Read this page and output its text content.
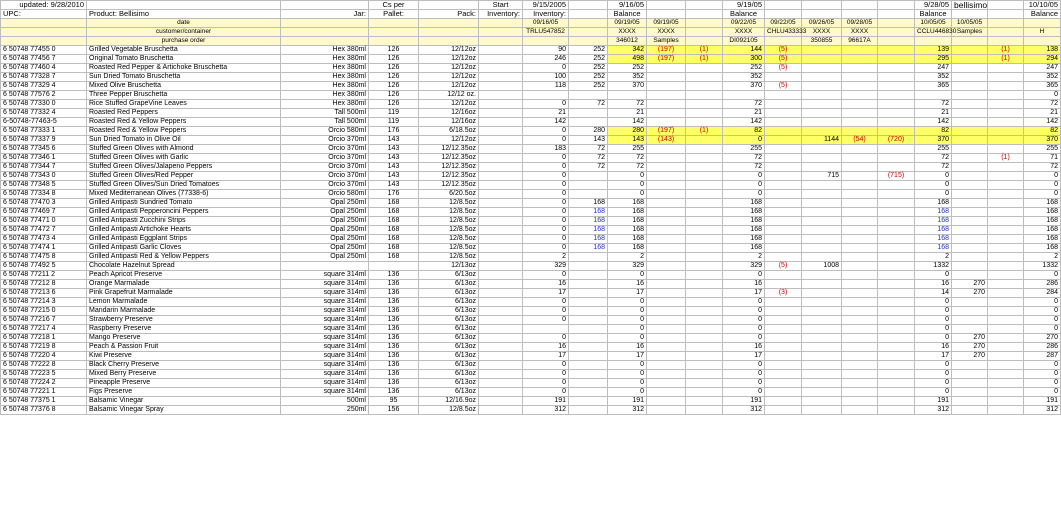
updated: 9/28/2010			Cs per		Start	9/15/2005		9/16/05			9/19/05					9/28/05	bellisimo		10/10/05
UPC:	Product: Bellisimo	Jar:	Pallet:	Pack:	Inventory:	Inventory:		Balance			Balance					Balance			Balance
	date					09/16/05		09/19/05	09/19/05		09/22/05	09/22/05	09/26/05	09/28/05		10/05/05	10/05/05		
	customer/container					TRLU547852		XXXX	XXXX		XXXX	CHLU433333	XXXX	XXXX		CCLU446830	Samples		H
	purchase order							346012	Samples		DI092105		350855	96617A					
6 50748 77455 0	Grilled Vegetable Bruschetta	Hex 380ml	126	12/12oz		90	252	342	(197)	(1)	144	(5)				139		(1)	138
6 50748 77456 7	Original Tomato Bruschetta	Hex 380ml	126	12/12oz		246	252	498	(197)	(1)	300	(5)				295		(1)	294
6 50748 77460 4	Roasted Red Pepper & Artichoke Bruschetta	Hex 380ml	126	12/12oz		0	252	252			252	(5)				247			247
6 50748 77328 7	Sun Dried Tomato Bruschetta	Hex 380ml	126	12/12oz		100	252	352			352					352			352
6 50748 77329 4	Mixed Olive Bruschetta	Hex 380ml	126	12/12oz		118	252	370			370	(5)				365			365
6 50748 77576 2	Three Pepper Bruschetta	Hex 380ml	126	12/12 oz.															0
6 50748 77330 0	Rice Stuffed GrapeVine Leaves	Hex 380ml	126	12/12oz		0	72	72			72					72			72
6 50748 77332 4	Roasted Red Peppers	Tall 500ml	119	12/16oz		21		21			21					21			21
6-50748-77463-5	Roasted Red & Yellow Peppers	Tall 500ml	119	12/16oz		142		142			142					142			142
6 50748 77333 1	Roasted Red & Yellow Peppers	Orcio 580ml	176	6/18.5oz		0	280	280	(197)	(1)	82					82			82
6 50748 77337 9	Sun Dried Tomato in Olive Oil	Orcio 370ml	143	12/12oz		0	143	143	(143)		0		1144	(54)	(720)	370			370
6 50748 77345 6	Stuffed Green Olives with Almond	Orcio 370ml	143	12/12.35oz		183	72	255			255					255			255
6 50748 77346 1	Stuffed Green Olives with Garlic	Orcio 370ml	143	12/12.35oz		0	72	72			72					72		(1)	71
6 50748 77344 7	Stuffed Green Olives/Jalapeno Peppers	Orcio 370ml	143	12/12.35oz		0	72	72			72					72			72
6 50748 77343 0	Stuffed Green Olives/Red Pepper	Orcio 370ml	143	12/12.35oz		0		0			0		715		(715)	0			0
6 50748 77348 5	Stuffed Green Olives/Sun Dried Tomatoes	Orcio 370ml	143	12/12.35oz		0		0			0					0			0
6 50748 77334 8	Mixed Mediterranean Olives (77338-6)	Orcio 580ml	176	6/20.5oz		0		0			0					0			0
6 50748 77470 3	Grilled Antipasti Sundried Tomato	Opal 250ml	168	12/8.5oz		0	168	168			168					168			168
6 50748 77469 7	Grilled Antipasti Pepperoncini Peppers	Opal 250ml	168	12/8.5oz		0	168	168			168					168			168
6 50748 77471 0	Grilled Antipasti Zucchini Strips	Opal 250ml	168	12/8.5oz		0	168	168			168					168			168
6 50748 77472 7	Grilled Antipasti Artichoke Hearts	Opal 250ml	168	12/8.5oz		0	168	168			168					168			168
6 50748 77473 4	Grilled Antipasti Eggplant Strips	Opal 250ml	168	12/8.5oz		0	168	168			168					168			168
6 50748 77474 1	Grilled Antipasti Garlic Cloves	Opal 250ml	168	12/8.5oz		0	168	168			168					168			168
6 50748 77475 8	Grilled Antipasti Red & Yellow Peppers	Opal 250ml	168	12/8.5oz		2		2			2					2			2
6 50748 77492 5	Chocolate Hazelnut Spread			12/13oz		329		329			329	(5)	1008			1332			1332
6 50748 77211 2	Peach Apricot Preserve	square 314ml	136	6/13oz		0		0			0					0			0
6 50748 77212 8	Orange Marmalade	square 314ml	136	6/13oz		16		16			16					16	270		286
6 50748 77213 6	Pink Grapefruit Marmalade	square 314ml	136	6/13oz		17		17			17	(3)				14	270		284
6 50748 77214 3	Lemon Marmalade	square 314ml	136	6/13oz		0		0			0					0			0
6 50748 77215 0	Mandarin Marmalade	square 314ml	136	6/13oz		0		0			0					0			0
6 50748 77216 7	Strawberry Preserve	square 314ml	136	6/13oz		0		0			0					0			0
6 50748 77217 4	Raspberry Preserve	square 314ml	136	6/13oz				0			0					0			0
6 50748 77218 1	Mango Preserve	square 314ml	136	6/13oz		0		0			0					0	270		270
6 50748 77219 8	Peach & Passion Fruit	square 314ml	136	6/13oz		16		16			16					16	270		286
6 50748 77220 4	Kiwi Preserve	square 314ml	136	6/13oz		17		17			17					17	270		287
6 50748 77222 8	Black Cherry Preserve	square 314ml	136	6/13oz		0		0			0					0			0
6 50748 77223 5	Mixed Berry Preserve	square 314ml	136	6/13oz		0		0			0					0			0
6 50748 77224 2	Pineapple Preserve	square 314ml	136	6/13oz		0		0			0					0			0
6 50748 77221 1	Figs Preserve	square 314ml	136	6/13oz		0		0			0					0			0
6 50748 77375 1	Balsamic Vinegar	500ml	95	12/16.9oz		191		191			191					191			191
6 50748 77376 8	Balsamic Vinegar Spray	250ml	156	12/8.5oz		312		312			312					312			312
